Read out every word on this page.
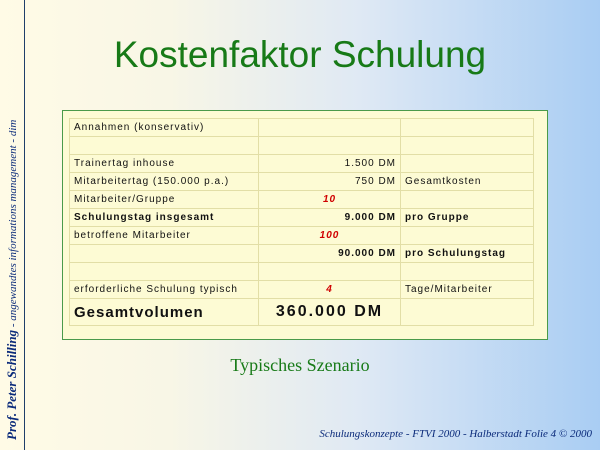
Prof. Peter Schilling - angewandtes informations management - dim
Kostenfaktor Schulung
Annahmen (konservativ)		

Trainertag inhouse	1.500 DM	
Mitarbeitertag (150.000 p.a.)	750 DM	Gesamtkosten
Mitarbeiter/Gruppe	10	
Schulungstag insgesamt	9.000 DM	pro Gruppe
betroffene Mitarbeiter	100	
	90.000 DM	pro Schulungstag

erforderliche Schulung typisch	4	Tage/Mitarbeiter
Gesamtvolumen	360.000 DM	
Typisches Szenario
Schulungskonzepte - FTVI 2000 - Halberstadt Folie 4 © 2000
